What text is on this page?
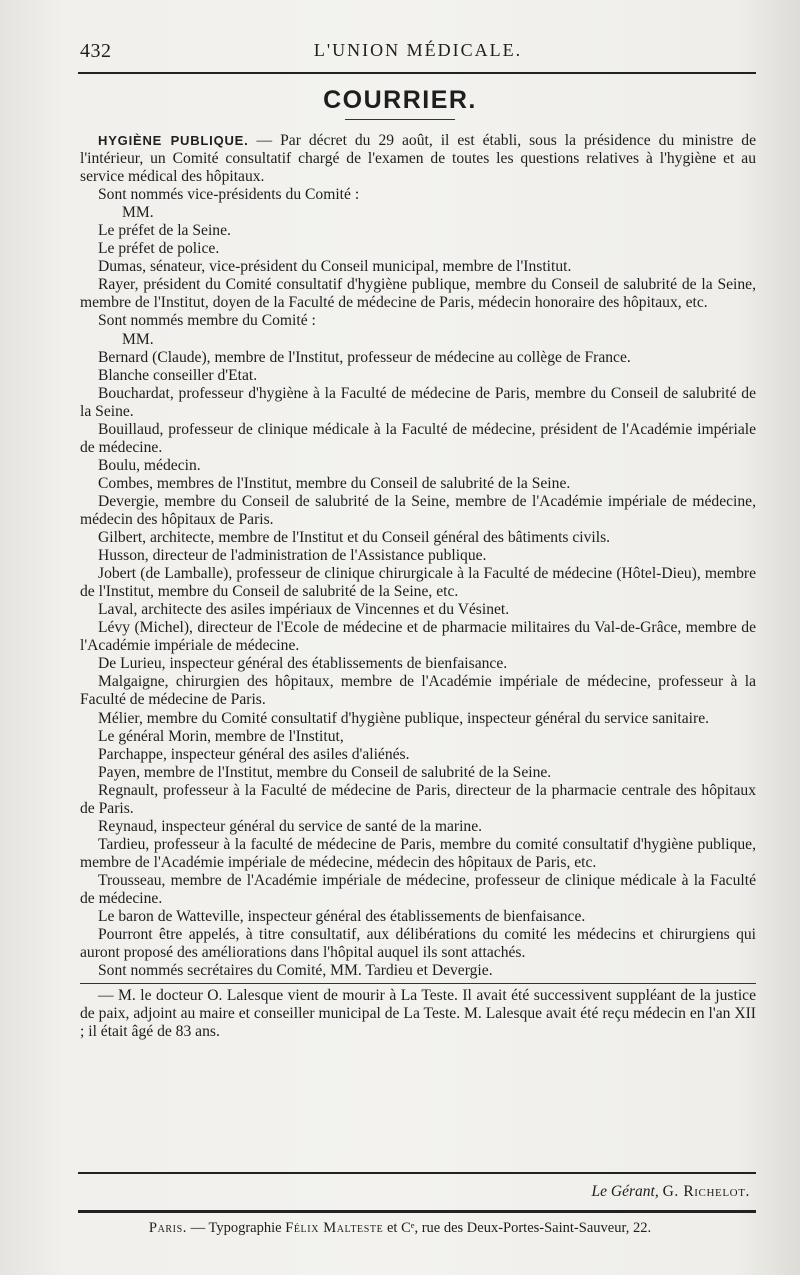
432	L'UNION MÉDICALE.
COURRIER.

HYGIÈNE PUBLIQUE. — Par décret du 29 août, il est établi, sous la présidence du ministre de l'intérieur, un Comité consultatif chargé de l'examen de toutes les questions relatives à l'hygiène et au service médical des hôpitaux.

Sont nommés vice-présidents du Comité :

MM.

Le préfet de la Seine.

Le préfet de police.

Dumas, sénateur, vice-président du Conseil municipal, membre de l'Institut.

Rayer, président du Comité consultatif d'hygiène publique, membre du Conseil de salubrité de la Seine, membre de l'Institut, doyen de la Faculté de médecine de Paris, médecin honoraire des hôpitaux, etc.

Sont nommés membre du Comité :

MM.

Bernard (Claude), membre de l'Institut, professeur de médecine au collège de France.

Blanche conseiller d'Etat.

Bouchardat, professeur d'hygiène à la Faculté de médecine de Paris, membre du Conseil de salubrité de la Seine.

Bouillaud, professeur de clinique médicale à la Faculté de médecine, président de l'Académie impériale de médecine.

Boulu, médecin.

Combes, membres de l'Institut, membre du Conseil de salubrité de la Seine.

Devergie, membre du Conseil de salubrité de la Seine, membre de l'Académie impériale de médecine, médecin des hôpitaux de Paris.

Gilbert, architecte, membre de l'Institut et du Conseil général des bâtiments civils.

Husson, directeur de l'administration de l'Assistance publique.

Jobert (de Lamballe), professeur de clinique chirurgicale à la Faculté de médecine (Hôtel-Dieu), membre de l'Institut, membre du Conseil de salubrité de la Seine, etc.

Laval, architecte des asiles impériaux de Vincennes et du Vésinet.

Lévy (Michel), directeur de l'Ecole de médecine et de pharmacie militaires du Val-de-Grâce, membre de l'Académie impériale de médecine.

De Lurieu, inspecteur général des établissements de bienfaisance.

Malgaigne, chirurgien des hôpitaux, membre de l'Académie impériale de médecine, professeur à la Faculté de médecine de Paris.

Mélier, membre du Comité consultatif d'hygiène publique, inspecteur général du service sanitaire.

Le général Morin, membre de l'Institut,

Parchappe, inspecteur général des asiles d'aliénés.

Payen, membre de l'Institut, membre du Conseil de salubrité de la Seine.

Regnault, professeur à la Faculté de médecine de Paris, directeur de la pharmacie centrale des hôpitaux de Paris.

Reynaud, inspecteur général du service de santé de la marine.

Tardieu, professeur à la faculté de médecine de Paris, membre du comité consultatif d'hygiène publique, membre de l'Académie impériale de médecine, médecin des hôpitaux de Paris, etc.

Trousseau, membre de l'Académie impériale de médecine, professeur de clinique médicale à la Faculté de médecine.

Le baron de Watteville, inspecteur général des établissements de bienfaisance.

Pourront être appelés, à titre consultatif, aux délibérations du comité les médecins et chirurgiens qui auront proposé des améliorations dans l'hôpital auquel ils sont attachés.

Sont nommés secrétaires du Comité, MM. Tardieu et Devergie.

— M. le docteur O. Lalesque vient de mourir à La Teste. Il avait été successivent suppléant de la justice de paix, adjoint au maire et conseiller municipal de La Teste. M. Lalesque avait été reçu médecin en l'an XII ; il était âgé de 83 ans.

Le Gérant, G. Richelot.
Paris. — Typographie Félix Malteste et Cᵉ, rue des Deux-Portes-Saint-Sauveur, 22.
